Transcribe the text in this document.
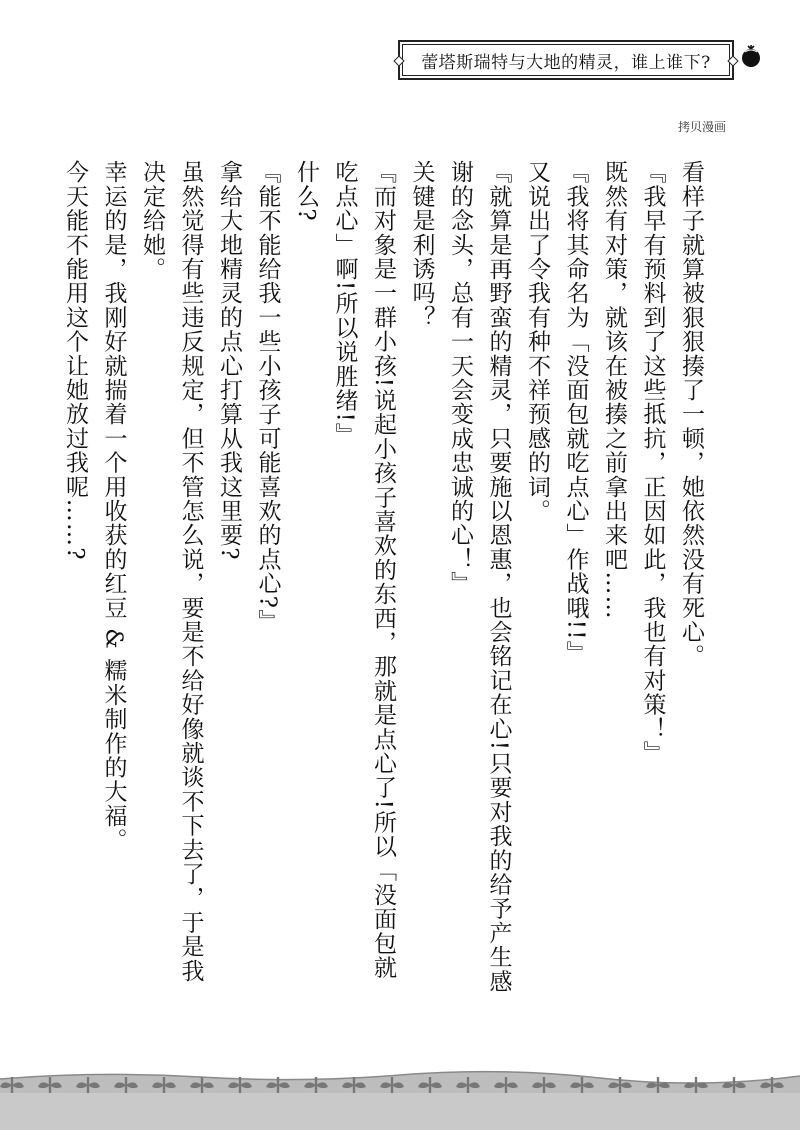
蕾塔斯瑞特与大地的精灵，谁上谁下?
拷贝漫画
看样子就算被狠狠揍了一顿，她依然没有死心。
『我早有预料到了这些抵抗，正因如此，我也有对策！』
既然有对策，就该在被揍之前拿出来吧……
『我将其命名为「没面包就吃点心」作战哦!!』
又说出了令我有种不祥预感的词。
『就算是再野蛮的精灵，只要施以恩惠，也会铭记在心!只要对我的给予产生感
谢的念头，总有一天会变成忠诚的心！』
关键是利诱吗？
『而对象是一群小孩!说起小孩子喜欢的东西，那就是点心了!所以「没面包就
吃点心」啊!所以说胜绪!』
什么?
『能不能给我一些小孩子可能喜欢的点心?』
拿给大地精灵的点心打算从我这里要?
虽然觉得有些违反规定，但不管怎么说，要是不给好像就谈不下去了，于是我
决定给她。
幸运的是，我刚好就揣着一个用收获的红豆 & 糯米制作的大福。
今天能不能用这个让她放过我呢……?
